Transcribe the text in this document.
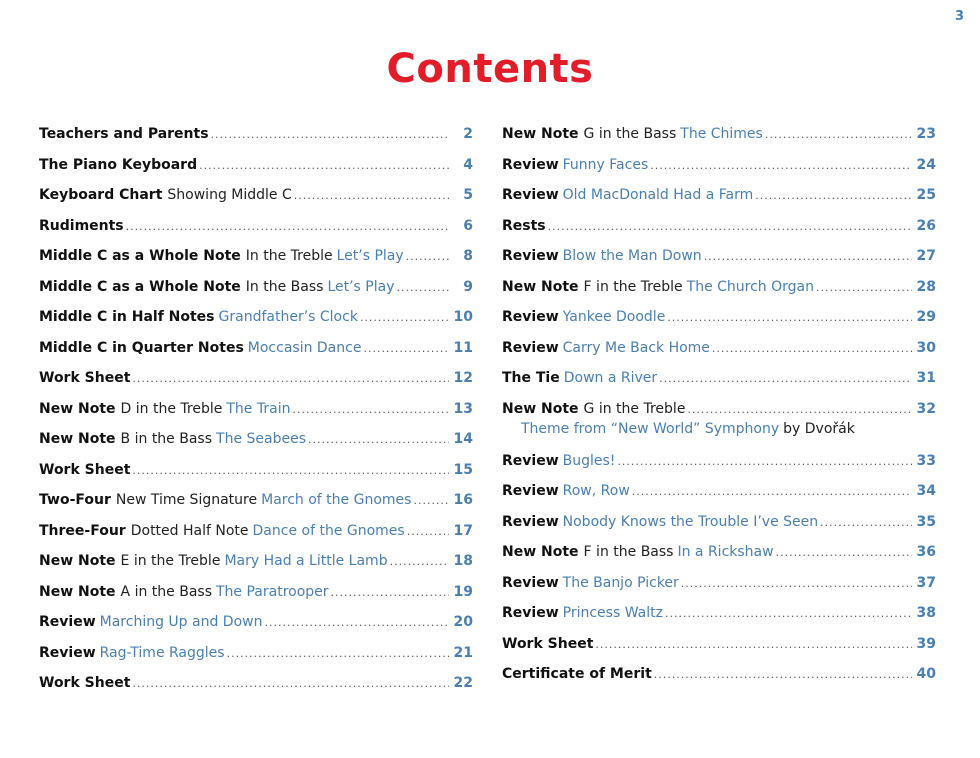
3
Contents
Teachers and Parents .....	2
The Piano Keyboard .....	4
Keyboard Chart Showing Middle C .....	5
Rudiments .....	6
Middle C as a Whole Note In the Treble Let’s Play .....	8
Middle C as a Whole Note In the Bass Let’s Play .....	9
Middle C in Half Notes Grandfather’s Clock .....	10
Middle C in Quarter Notes Moccasin Dance .....	11
Work Sheet .....	12
New Note D in the Treble The Train .....	13
New Note B in the Bass The Seabees .....	14
Work Sheet .....	15
Two-Four New Time Signature March of the Gnomes .....	16
Three-Four Dotted Half Note Dance of the Gnomes .....	17
New Note E in the Treble Mary Had a Little Lamb .....	18
New Note A in the Bass The Paratrooper .....	19
Review Marching Up and Down .....	20
Review Rag-Time Raggles .....	21
Work Sheet .....	22
New Note G in the Bass The Chimes .....	23
Review Funny Faces .....	24
Review Old MacDonald Had a Farm .....	25
Rests .....	26
Review Blow the Man Down .....	27
New Note F in the Treble The Church Organ .....	28
Review Yankee Doodle .....	29
Review Carry Me Back Home .....	30
The Tie Down a River .....	31
New Note G in the Treble .....	32
Theme from “New World” Symphony by Dvořák
Review Bugles! .....	33
Review Row, Row .....	34
Review Nobody Knows the Trouble I’ve Seen .....	35
New Note F in the Bass In a Rickshaw .....	36
Review The Banjo Picker .....	37
Review Princess Waltz .....	38
Work Sheet .....	39
Certificate of Merit .....	40
